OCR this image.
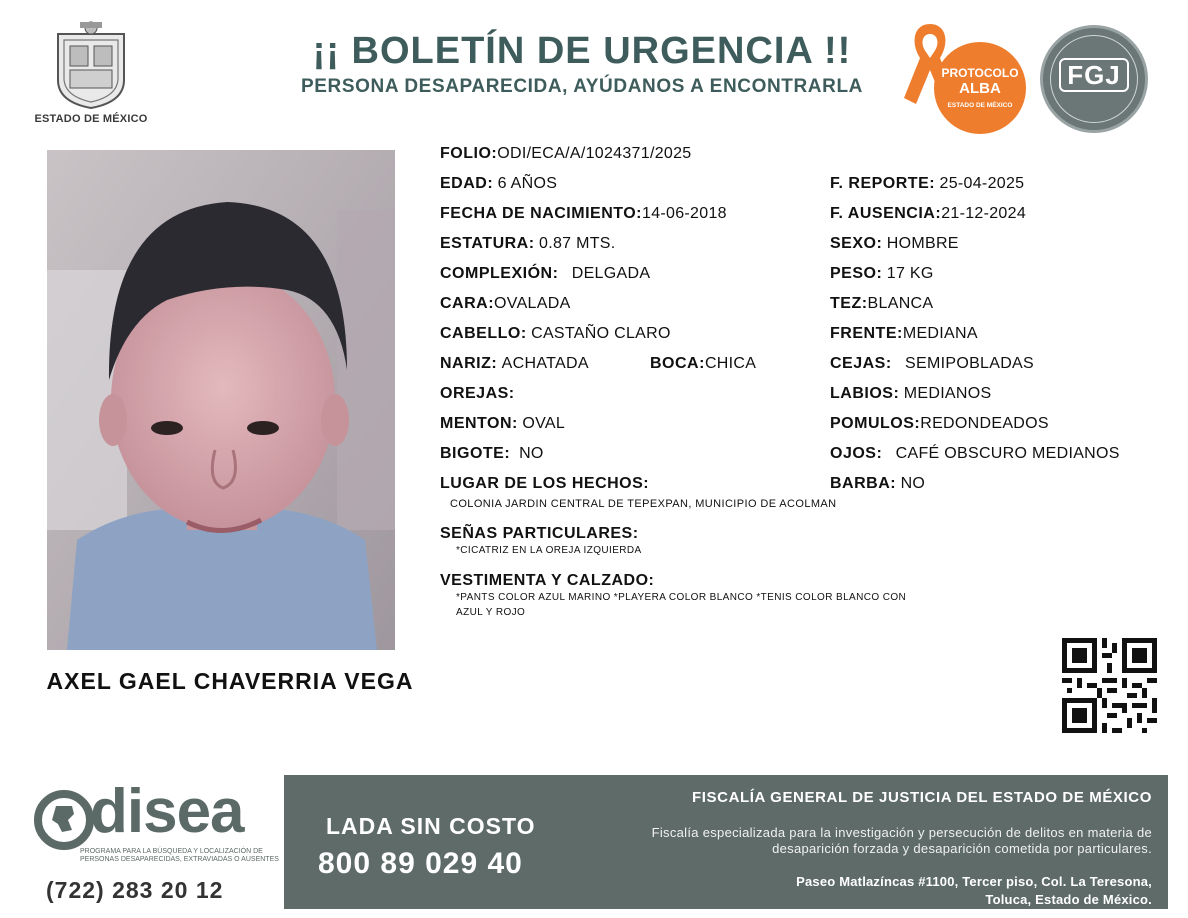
ESTADO DE MÉXICO
¡¡ BOLETÍN DE URGENCIA !!
PERSONA DESAPARECIDA, AYÚDANOS A ENCONTRARLA
PROTOCOLO
ALBA
ESTADO DE MÉXICO
FGJ
AXEL GAEL CHAVERRIA VEGA
FOLIO:ODI/ECA/A/1024371/2025
EDAD: 6 AÑOS	F. REPORTE: 25-04-2025
FECHA DE NACIMIENTO:14-06-2018	F. AUSENCIA:21-12-2024
ESTATURA: 0.87 MTS.	SEXO: HOMBRE
COMPLEXIÓN: DELGADA	PESO: 17 KG
CARA:OVALADA	TEZ:BLANCA
CABELLO: CASTAÑO CLARO	FRENTE:MEDIANA
NARIZ: ACHATADA	BOCA:CHICA	CEJAS: SEMIPOBLADAS
OREJAS:	LABIOS: MEDIANOS
MENTON: OVAL	POMULOS:REDONDEADOS
BIGOTE: NO	OJOS: CAFÉ OBSCURO MEDIANOS
LUGAR DE LOS HECHOS:	BARBA: NO
COLONIA JARDIN CENTRAL DE TEPEXPAN, MUNICIPIO DE ACOLMAN
SEÑAS PARTICULARES:
*CICATRIZ EN LA OREJA IZQUIERDA
VESTIMENTA Y CALZADO:
*PANTS COLOR AZUL MARINO *PLAYERA COLOR BLANCO *TENIS COLOR BLANCO CON
AZUL Y ROJO
disea
PROGRAMA PARA LA BÚSQUEDA Y LOCALIZACIÓN DE PERSONAS DESAPARECIDAS, EXTRAVIADAS O AUSENTES
(722) 283 20 12
LADA SIN COSTO
800 89 029 40
FISCALÍA GENERAL DE JUSTICIA DEL ESTADO DE MÉXICO
Fiscalía especializada para la investigación y persecución de delitos en materia de desaparición forzada y desaparición cometida por particulares.
Paseo Matlazíncas #1100, Tercer piso, Col. La Teresona,
Toluca, Estado de México.
